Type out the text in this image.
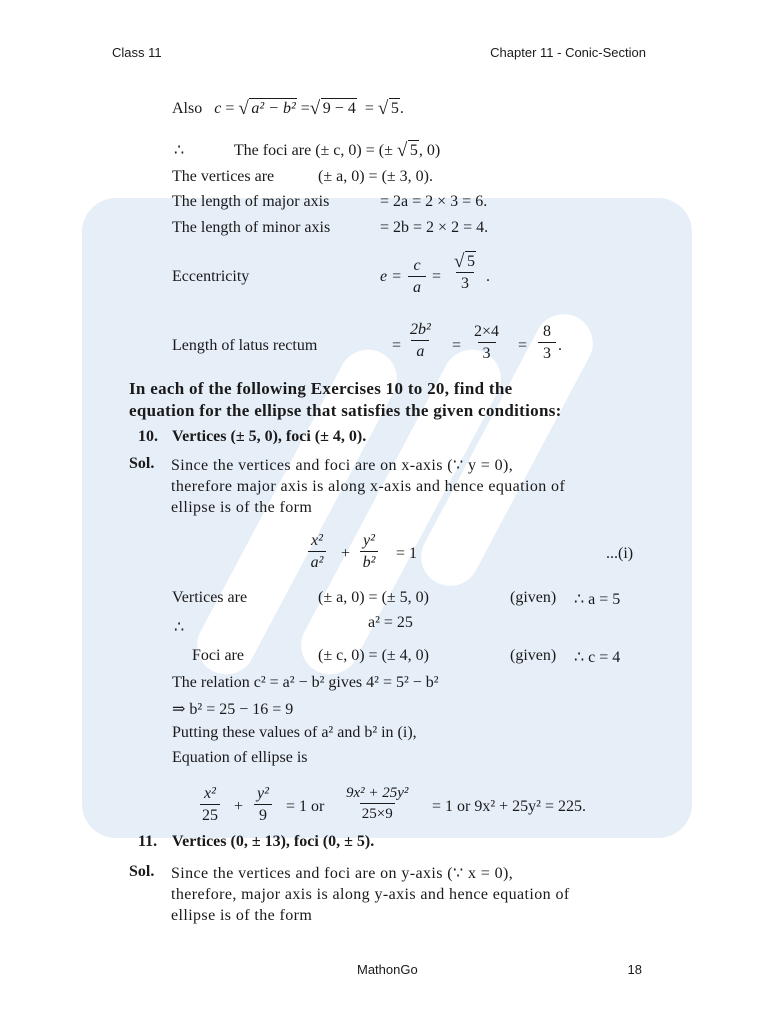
Class 11	Chapter 11 - Conic-Section
MathonGo	18
Also c = √ a² − b² = √ 9 − 4 = √ 5.
∴	The foci are (± c, 0) = (± √ 5, 0)
The vertices are	(± a, 0) = (± 3, 0).
The length of major axis	= 2a = 2 × 3 = 6.
The length of minor axis	= 2b = 2 × 2 = 4.
Eccentricity	$e = \frac{c}{a} = \frac{√ 5}{3}$ .
Length of latus rectum	= $\frac{\text{2b²}}{a} = \frac{2\times 4}{3} = \frac{8}{3}$ .
In each of the following Exercises 10 to 20, find the
equation for the ellipse that satisfies the given conditions:
10. Vertices (± 5, 0), foci (± 4, 0).
Sol. Since the vertices and foci are on x-axis (∵ y = 0),
therefore major axis is along x-axis and hence equation of
ellipse is of the form
$\frac{\text{x²}}{\text{a²}} + \frac{\text{y²}}{\text{b²}} = 1$	...(i)
Vertices are	(± a, 0) = (± 5, 0)	(given) ∴ a = 5
∴	a² = 25
Foci are	(± c, 0) = (± 4, 0)	(given) ∴ c = 4
The relation c² = a² − b² gives 4² = 5² − b²
⇒ b² = 25 − 16 = 9
Putting these values of a² and b² in (i),
Equation of ellipse is
$\frac{\text{x²}}{25} + \frac{\text{y²}}{9} = 1$ or $\frac{\text{9x² + 25y²}}{25\times 9} = 1$ or 9x² + 25y² = 225.
11. Vertices (0, ± 13), foci (0, ± 5).
Sol. Since the vertices and foci are on y-axis (∵ x = 0),
therefore, major axis is along y-axis and hence equation of
ellipse is of the form
